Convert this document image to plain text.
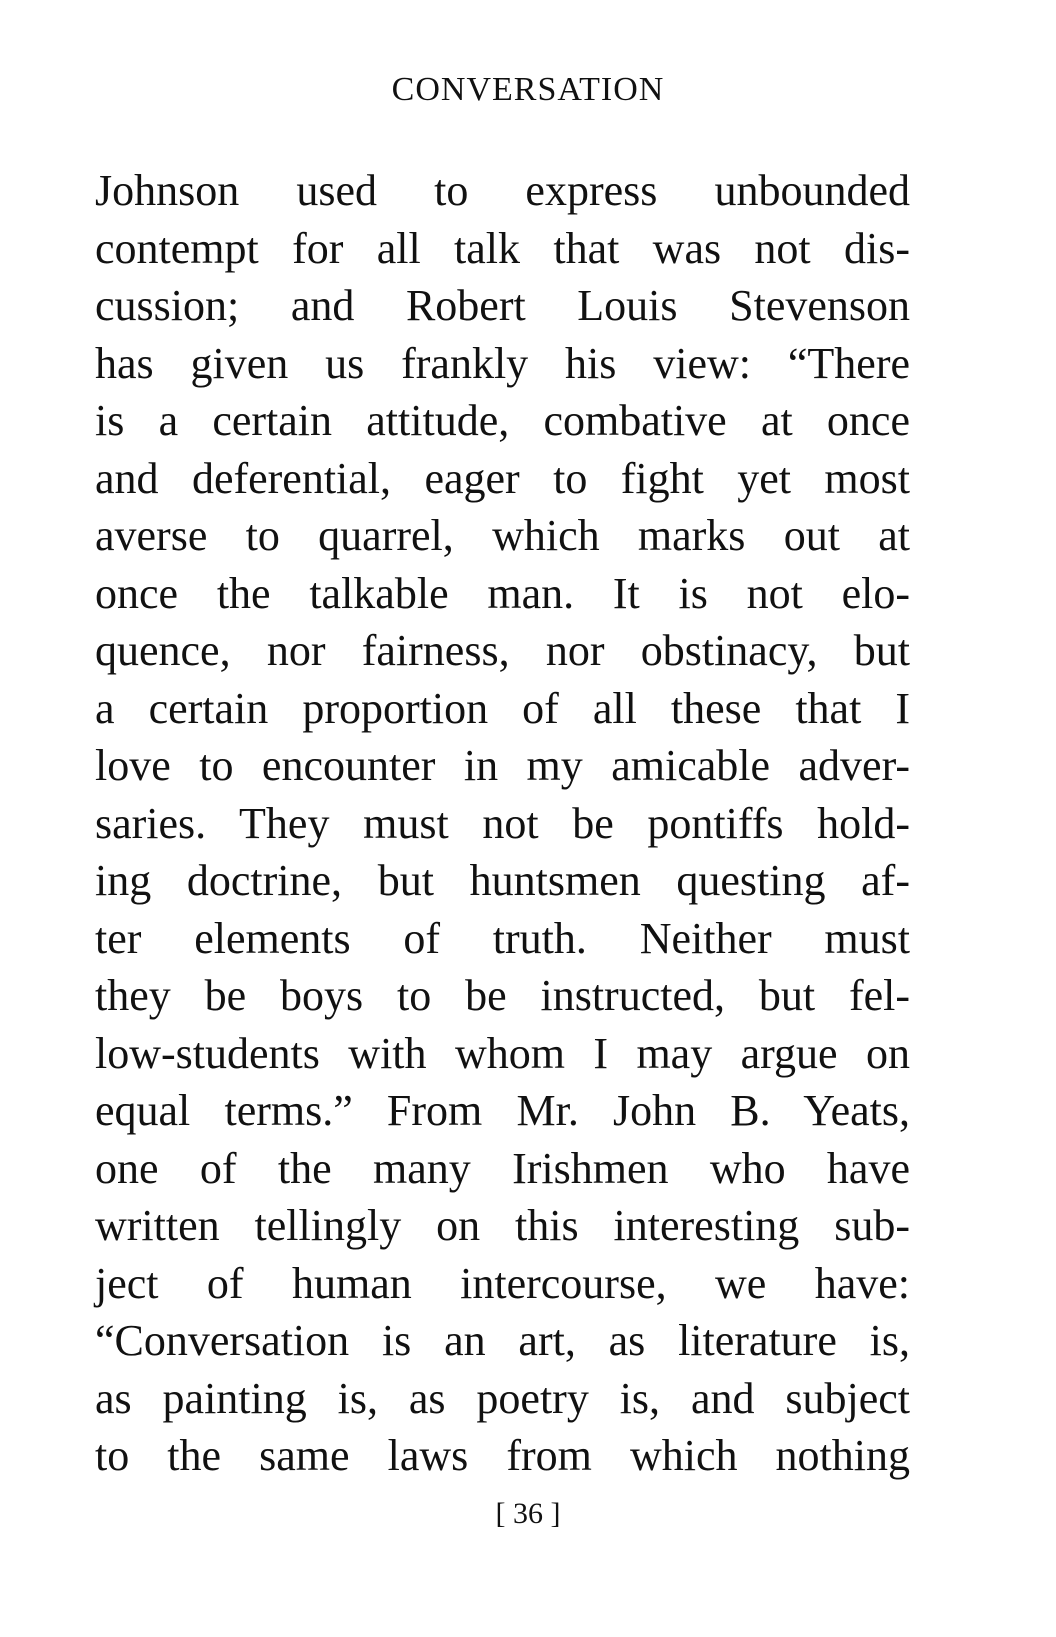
CONVERSATION
Johnson used to express unbounded
contempt for all talk that was not dis-
cussion; and Robert Louis Stevenson
has given us frankly his view: “There
is a certain attitude, combative at once
and deferential, eager to fight yet most
averse to quarrel, which marks out at
once the talkable man. It is not elo-
quence, nor fairness, nor obstinacy, but
a certain proportion of all these that I
love to encounter in my amicable adver-
saries. They must not be pontiffs hold-
ing doctrine, but huntsmen questing af-
ter elements of truth. Neither must
they be boys to be instructed, but fel-
low-students with whom I may argue on
equal terms.” From Mr. John B. Yeats,
one of the many Irishmen who have
written tellingly on this interesting sub-
ject of human intercourse, we have:
“Conversation is an art, as literature is,
as painting is, as poetry is, and subject
to the same laws from which nothing
[ 36 ]
